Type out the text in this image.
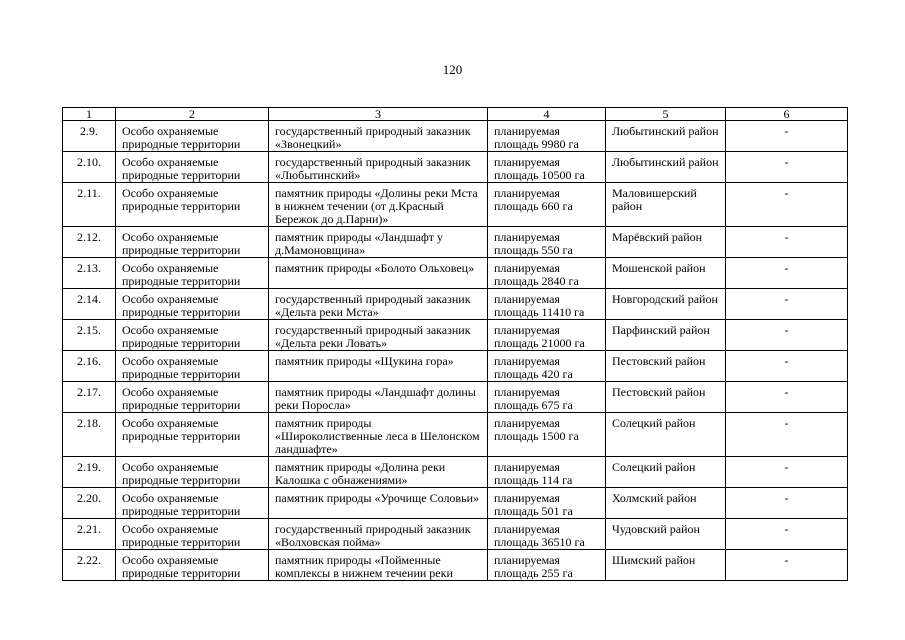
120
1	2	3	4	5	6
2.9.	Особо охраняемые природные территории	государственный природный заказник «Звонецкий»	планируемая площадь 9980 га	Любытинский район	-
2.10.	Особо охраняемые природные территории	государственный природный заказник «Любытинский»	планируемая площадь 10500 га	Любытинский район	-
2.11.	Особо охраняемые природные территории	памятник природы «Долины реки Мста в нижнем течении (от д.Красный Бережок до д.Парни)»	планируемая площадь 660 га	Маловишерский район	-
2.12.	Особо охраняемые природные территории	памятник природы «Ландшафт у д.Мамоновщина»	планируемая площадь 550 га	Марёвский район	-
2.13.	Особо охраняемые природные территории	памятник природы «Болото Ольховец»	планируемая площадь 2840 га	Мошенской район	-
2.14.	Особо охраняемые природные территории	государственный природный заказник «Дельта реки Мста»	планируемая площадь 11410 га	Новгородский район	-
2.15.	Особо охраняемые природные территории	государственный природный заказник «Дельта реки Ловать»	планируемая площадь 21000 га	Парфинский район	-
2.16.	Особо охраняемые природные территории	памятник природы «Щукина гора»	планируемая площадь 420 га	Пестовский район	-
2.17.	Особо охраняемые природные территории	памятник природы «Ландшафт долины реки Пороcла»	планируемая площадь 675 га	Пестовский район	-
2.18.	Особо охраняемые природные территории	памятник природы «Широколиственные леса в Шелонском ландшафте»	планируемая площадь 1500 га	Солецкий район	-
2.19.	Особо охраняемые природные территории	памятник природы «Долина реки Калошка с обнажениями»	планируемая площадь 114 га	Солецкий район	-
2.20.	Особо охраняемые природные территории	памятник природы «Урочище Соловьи»	планируемая площадь 501 га	Холмский район	-
2.21.	Особо охраняемые природные территории	государственный природный заказник «Волховская пойма»	планируемая площадь 36510 га	Чудовский район	-
2.22.	Особо охраняемые природные территории	памятник природы «Пойменные комплексы в нижнем течении реки	планируемая площадь 255 га	Шимский район	-
